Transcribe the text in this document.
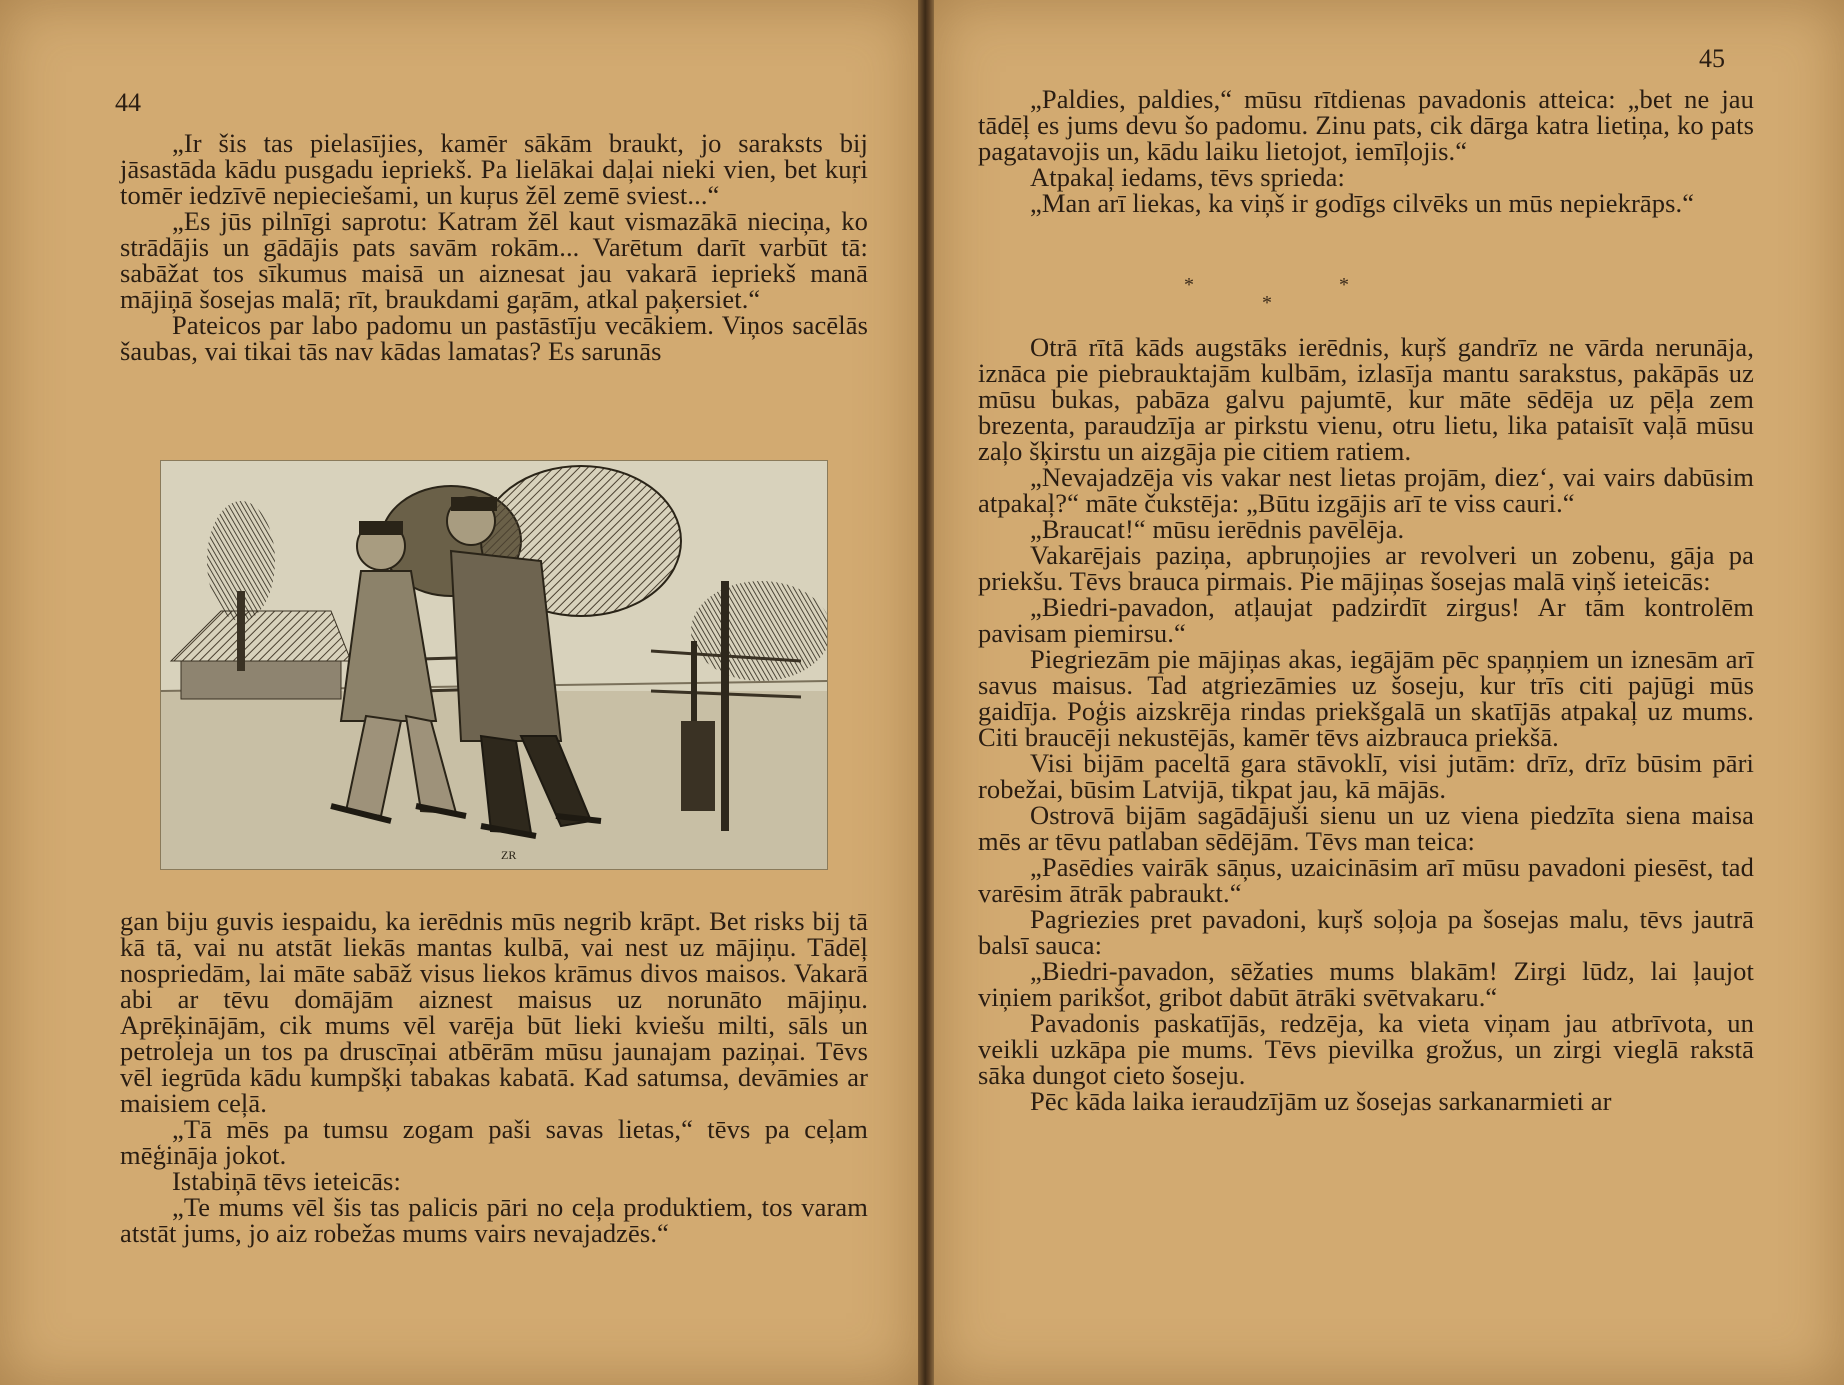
44

„Ir šis tas pielasījies, kamēr sākām braukt, jo saraksts bij jāsastāda kādu pusgadu iepriekš. Pa lielākai daļai nieki vien, bet kuŗi tomēr iedzīvē nepieciešami, un kuŗus žēl zemē sviest...“

„Es jūs pilnīgi saprotu: Katram žēl kaut vismazākā nieciņa, ko strādājis un gādājis pats savām rokām... Varētum darīt varbūt tā: sabāžat tos sīkumus maisā un aiznesat jau vakarā iepriekš manā mājiņā šosejas malā; rīt, braukdami gaŗām, atkal paķersiet.“

Pateicos par labo padomu un pastāstīju vecākiem. Viņos sacēlās šaubas, vai tikai tās nav kādas lamatas? Es sarunās

ZR

gan biju guvis iespaidu, ka ierēdnis mūs negrib krāpt. Bet risks bij tā kā tā, vai nu atstāt liekās mantas kulbā, vai nest uz mājiņu. Tādēļ nospriedām, lai māte sabāž visus liekos krāmus divos maisos. Vakarā abi ar tēvu domājām aiznest maisus uz norunāto mājiņu. Aprēķinājām, cik mums vēl varēja būt lieki kviešu milti, sāls un petroleja un tos pa druscīņai atbērām mūsu jaunajam paziņai. Tēvs vēl iegrūda kādu kumpšķi tabakas kabatā. Kad satumsa, devāmies ar maisiem ceļā.

„Tā mēs pa tumsu zogam paši savas lietas,“ tēvs pa ceļam mēģināja jokot.

Istabiņā tēvs ieteicās:

„Te mums vēl šis tas palicis pāri no ceļa produktiem, tos varam atstāt jums, jo aiz robežas mums vairs nevajadzēs.“

45

„Paldies, paldies,“ mūsu rītdienas pavadonis atteica: „bet ne jau tādēļ es jums devu šo padomu. Zinu pats, cik dārga katra lietiņa, ko pats pagatavojis un, kādu laiku lietojot, iemīļojis.“

Atpakaļ iedams, tēvs sprieda:

„Man arī liekas, ka viņš ir godīgs cilvēks un mūs nepiekrāps.“

*	*
*

Otrā rītā kāds augstāks ierēdnis, kuŗš gandrīz ne vārda nerunāja, iznāca pie piebrauktajām kulbām, izlasīja mantu sarakstus, pakāpās uz mūsu bukas, pabāza galvu pajumtē, kur māte sēdēja uz pēļa zem brezenta, paraudzīja ar pirkstu vienu, otru lietu, lika pataisīt vaļā mūsu zaļo šķirstu un aizgāja pie citiem ratiem.

„Nevajadzēja vis vakar nest lietas projām, diez‘, vai vairs dabūsim atpakaļ?“ māte čukstēja: „Būtu izgājis arī te viss cauri.“

„Braucat!“ mūsu ierēdnis pavēlēja.

Vakarējais paziņa, apbruņojies ar revolveri un zobenu, gāja pa priekšu. Tēvs brauca pirmais. Pie mājiņas šosejas malā viņš ieteicās:

„Biedri-pavadon, atļaujat padzirdīt zirgus! Ar tām kontrolēm pavisam piemirsu.“

Piegriezām pie mājiņas akas, iegājām pēc spaņņiem un iznesām arī savus maisus. Tad atgriezāmies uz šoseju, kur trīs citi pajūgi mūs gaidīja. Poģis aizskrēja rindas priekšgalā un skatījās atpakaļ uz mums. Citi braucēji nekustējās, kamēr tēvs aizbrauca priekšā.

Visi bijām paceltā gara stāvoklī, visi jutām: drīz, drīz būsim pāri robežai, būsim Latvijā, tikpat jau, kā mājās.

Ostrovā bijām sagādājuši sienu un uz viena piedzīta siena maisa mēs ar tēvu patlaban sēdējām. Tēvs man teica:

„Pasēdies vairāk sāņus, uzaicināsim arī mūsu pavadoni piesēst, tad varēsim ātrāk pabraukt.“

Pagriezies pret pavadoni, kuŗš soļoja pa šosejas malu, tēvs jautrā balsī sauca:

„Biedri-pavadon, sēžaties mums blakām! Zirgi lūdz, lai ļaujot viņiem parikšot, gribot dabūt ātrāki svētvakaru.“

Pavadonis paskatījās, redzēja, ka vieta viņam jau atbrīvota, un veikli uzkāpa pie mums. Tēvs pievilka grožus, un zirgi vieglā rakstā sāka dungot cieto šoseju.

Pēc kāda laika ieraudzījām uz šosejas sarkanarmieti ar
